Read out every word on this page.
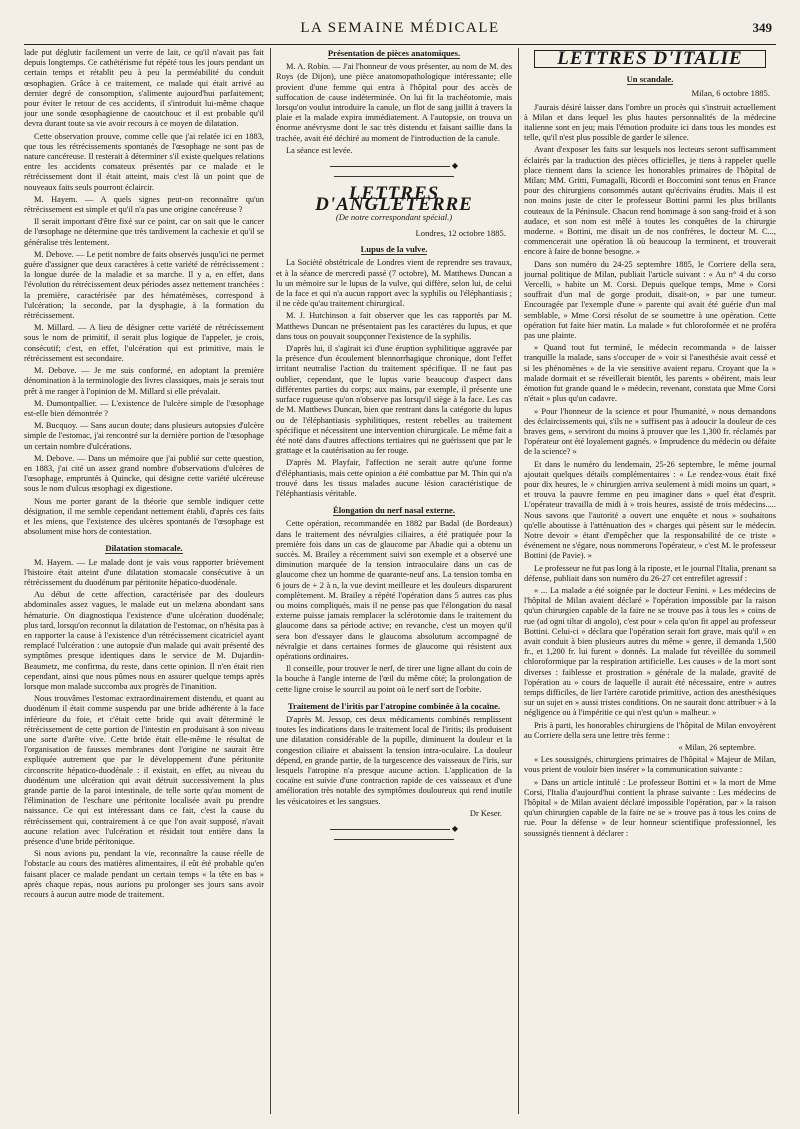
LA SEMAINE MÉDICALE	349

lade put déglutir facilement un verre de lait, ce qu'il n'avait pas fait depuis longtemps. Ce cathétérisme fut répété tous les jours pendant un certain temps et rétablit peu à peu la perméabilité du conduit œsophagien. Grâce à ce traitement, ce malade qui était arrivé au dernier degré de consomption, s'alimente aujourd'hui parfaitement; pour éviter le retour de ces accidents, il s'introduit lui-même chaque jour une sonde œsophagienne de caoutchouc et il est probable qu'il devra durant toute sa vie avoir recours à ce moyen de dilatation.

Cette observation prouve, comme celle que j'ai relatée ici en 1883, que tous les rétrécissements spontanés de l'œsophage ne sont pas de nature cancéreuse. Il resterait à déterminer s'il existe quelques relations entre les accidents comateux présentés par ce malade et le rétrécissement dont il était atteint, mais c'est là un point que de nouveaux faits seuls pourront éclaircir.

M. Hayem. — A quels signes peut-on reconnaître qu'un rétrécissement est simple et qu'il n'a pas une origine cancéreuse ?

Il serait important d'être fixé sur ce point, car on sait que le cancer de l'œsophage ne détermine que très tardivement la cachexie et qu'il se généralise très lentement.

M. Debove. — Le petit nombre de faits observés jusqu'ici ne permet guère d'assigner que deux caractères à cette variété de rétrécissement : la longue durée de la maladie et sa marche. Il y a, en effet, dans l'évolution du rétrécissement deux périodes assez nettement tranchées : la première, caractérisée par des hématémèses, correspond à l'ulcération; la seconde, par la dysphagie, à la formation du rétrécissement.

M. Millard. — A lieu de désigner cette variété de rétrécissement sous le nom de primitif, il serait plus logique de l'appeler, je crois, consécutif; c'est, en effet, l'ulcération qui est primitive, mais le rétrécissement est secondaire.

M. Debove. — Je me suis conformé, en adoptant la première dénomination à la terminologie des livres classiques, mais je serais tout prêt à me ranger à l'opinion de M. Millard si elle prévalait.

M. Dumontpallier. — L'existence de l'ulcère simple de l'œsophage est-elle bien démontrée ?

M. Bucquoy. — Sans aucun doute; dans plusieurs autopsies d'ulcère simple de l'estomac, j'ai rencontré sur la dernière portion de l'œsophage un certain nombre d'ulcérations.

M. Debove. — Dans un mémoire que j'ai publié sur cette question, en 1883, j'ai cité un assez grand nombre d'observations d'ulcères de l'œsophage, empruntés à Quincke, qui désigne cette variété ulcéreuse sous le nom d'ulcus œsophagi ex digestione.

Nous me porter garant de la théorie que semble indiquer cette désignation, il me semble cependant nettement établi, d'après ces faits et les miens, que l'existence des ulcères spontanés de l'œsophage est absolument mise hors de contestation.

Dilatation stomacale.

M. Hayem. — Le malade dont je vais vous rapporter brièvement l'histoire était atteint d'une dilatation stomacale consécutive à un rétrécissement du duodénum par péritonite hépatico-duodénale.

Au début de cette affection, caractérisée par des douleurs abdominales assez vagues, le malade eut un melæna abondant sans hématurie. On diagnostiqua l'existence d'une ulcération duodénale; plus tard, lorsqu'on reconnut la dilatation de l'estomac, on n'hésita pas à en rapporter la cause à l'existence d'un rétrécissement cicatriciel ayant remplacé l'ulcération : une autopsie d'un malade qui avait présenté des symptômes presque identiques dans le service de M. Dujardin-Beaumetz, me confirma, du reste, dans cette opinion. Il n'en était rien cependant, ainsi que nous pûmes nous en assurer quelque temps après lorsque mon malade succomba aux progrès de l'inanition.

Nous trouvâmes l'estomac extraordinairement distendu, et quant au duodénum il était comme suspendu par une bride adhérente à la face inférieure du foie, et c'était cette bride qui avait déterminé le rétrécissement de cette portion de l'intestin en produisant à son niveau une sorte d'arête vive. Cette bride était elle-même le résultat de l'organisation de fausses membranes dont l'origine ne saurait être expliquée autrement que par le développement d'une péritonite circonscrite hépatico-duodénale : il existait, en effet, au niveau du duodénum une ulcération qui avait détruit successivement la plus grande partie de la paroi intestinale, de telle sorte qu'au moment de l'élimination de l'eschare une péritonite localisée avait pu prendre naissance. Ce qui est intéressant dans ce fait, c'est la cause du rétrécissement qui, contrairement à ce que l'on avait supposé, n'avait aucune relation avec l'ulcération et résidait tout entière dans la présence d'une bride péritonique.

Si nous avions pu, pendant la vie, reconnaître la cause réelle de l'obstacle au cours des matières alimentaires, il eût été probable qu'en faisant placer ce malade pendant un certain temps « la tête en bas » après chaque repas, nous aurions pu prolonger ses jours sans avoir recours à aucun autre mode de traitement.

Présentation de pièces anatomiques.

M. A. Robin. — J'ai l'honneur de vous présenter, au nom de M. des Roys (de Dijon), une pièce anatomopathologique intéressante; elle provient d'une femme qui entra à l'hôpital pour des accès de suffocation de cause indéterminée. On lui fit la trachéotomie, mais lorsqu'on voulut introduire la canule, un flot de sang jaillit à travers la plaie et la malade expira immédiatement. A l'autopsie, on trouva un énorme anévrysme dont le sac très distendu et faisant saillie dans la trachée, avait été déchiré au moment de l'introduction de la canule.

La séance est levée.

◆
LETTRES D'ANGLETERRE
(De notre correspondant spécial.)
Londres, 12 octobre 1885.
Lupus de la vulve.

La Société obstétricale de Londres vient de reprendre ses travaux, et à la séance de mercredi passé (7 octobre), M. Matthews Duncan a lu un mémoire sur le lupus de la vulve, qui diffère, selon lui, de celui de la face et qui n'a aucun rapport avec la syphilis ou l'éléphantiasis ; il ne cède qu'au traitement chirurgical.

M. J. Hutchinson a fait observer que les cas rapportés par M. Matthews Duncan ne présentaient pas les caractères du lupus, et que dans tous on pouvait soupçonner l'existence de la syphilis.

D'après lui, il s'agirait ici d'une éruption syphilitique aggravée par la présence d'un écoulement blennorrhagique chronique, dont l'effet irritant neutralise l'action du traitement spécifique. Il ne faut pas oublier, cependant, que le lupus varie beaucoup d'aspect dans différentes parties du corps; aux mains, par exemple, il présente une surface rugueuse qu'on n'observe pas lorsqu'il siège à la face. Les cas de M. Matthews Duncan, bien que rentrant dans la catégorie du lupus ou de l'éléphantiasis syphilitiques, restent rebelles au traitement spécifique et nécessitent une intervention chirurgicale. Le même fait a été noté dans d'autres affections tertiaires qui ne guérissent que par le grattage et la cautérisation au fer rouge.

D'après M. Playfair, l'affection ne serait autre qu'une forme d'éléphantiasis, mais cette opinion a été combattue par M. Thin qui n'a trouvé dans les tissus malades aucune lésion caractéristique de l'éléphantiasis véritable.

Élongation du nerf nasal externe.

Cette opération, recommandée en 1882 par Badal (de Bordeaux) dans le traitement des névralgies ciliaires, a été pratiquée pour la première fois dans un cas de glaucome par Abadie qui a obtenu un succès. M. Brailey a récemment suivi son exemple et a observé une diminution marquée de la tension intraoculaire dans un cas de glaucome chez un homme de quarante-neuf ans. La tension tomba en 6 jours de + 2 à n, la vue devint meilleure et les douleurs disparurent complètement. M. Brailey a répété l'opération dans 5 autres cas plus ou moins compliqués, mais il ne pense pas que l'élongation du nasal externe puisse jamais remplacer la sclérotomie dans le traitement du glaucome dans sa période active; en revanche, c'est un moyen qu'il sera bon d'essayer dans le glaucoma absolutum accompagné de névralgie et dans certaines formes de glaucome qui résistent aux opérations ordinaires.

Il conseille, pour trouver le nerf, de tirer une ligne allant du coin de la bouche à l'angle interne de l'œil du même côté; la prolongation de cette ligne croise le sourcil au point où le nerf sort de l'orbite.

Traitement de l'iritis par l'atropine combinée à la cocaïne.

D'après M. Jessop, ces deux médicaments combinés remplissent toutes les indications dans le traitement local de l'iritis; ils produisent une dilatation considérable de la pupille, diminuent la douleur et la congestion ciliaire et abaissent la tension intra-oculaire. La douleur dépend, en grande partie, de la turgescence des vaisseaux de l'iris, sur lesquels l'atropine n'a presque aucune action. L'application de la cocaïne est suivie d'une contraction rapide de ces vaisseaux et d'une amélioration très notable des symptômes douloureux qui rend inutile les vésicatoires et les sangsues.

Dr Keser.
◆
LETTRES D'ITALIE
Un scandale.
Milan, 6 octobre 1885.

J'aurais désiré laisser dans l'ombre un procès qui s'instruit actuellement à Milan et dans lequel les plus hautes personnalités de la médecine italienne sont en jeu; mais l'émotion produite ici dans tous les mondes est telle, qu'il n'est plus possible de garder le silence.

Avant d'exposer les faits sur lesquels nos lecteurs seront suffisamment éclairés par la traduction des pièces officielles, je tiens à rappeler quelle place tiennent dans la science les honorables primaires de l'hôpital de Milan; MM. Gritti, Fumagalli, Ricordi et Boccomini sont tenus en France pour des chirurgiens consommés autant qu'écrivains érudits. Mais il est non moins juste de citer le professeur Bottini parmi les plus brillants couteaux de la Péninsule. Chacun rend hommage à son sang-froid et à son audace, et son nom est mêlé à toutes les conquêtes de la chirurgie moderne. « Bottini, me disait un de nos confrères, le docteur M. C..., commencerait une opération là où beaucoup la terminent, et trouverait encore à faire de bonne besogne. »

Dans son numéro du 24-25 septembre 1885, le Corriere della sera, journal politique de Milan, publiait l'article suivant : « Au n° 4 du corso Vercelli, » habite un M. Corsi. Depuis quelque temps, Mme » Corsi souffrait d'un mal de gorge produit, disait-on, » par une tumeur. Encouragée par l'exemple d'une » parente qui avait été guérie d'un mal semblable, » Mme Corsi résolut de se soumettre à une opération. Cette opération fut faite hier matin. La malade » fut chloroformée et ne proféra pas une plainte.

» Quand tout fut terminé, le médecin recommanda » de laisser tranquille la malade, sans s'occuper de » voir si l'anesthésie avait cessé et si les phénomènes » de la vie sensitive avaient reparu. Croyant que la » malade dormait et se réveillerait bientôt, les parents » obéirent, mais leur émotion fut grande quand le » médecin, revenant, constata que Mme Corsi n'était » plus qu'un cadavre.

» Pour l'honneur de la science et pour l'humanité, » nous demandons des éclaircissements qui, s'ils ne » suffisent pas à adoucir la douleur de ces braves gens, » serviront du moins à prouver que les 1,300 fr. réclamés par l'opérateur ont été loyalement gagnés. » Imprudence du médecin ou défaite de la science? »

Et dans le numéro du lendemain, 25-26 septembre, le même journal ajoutait quelques détails complémentaires : « Le rendez-vous était fixé pour dix heures, le » chirurgien arriva seulement à midi moins un quart, » et trouva la pauvre femme en peu imaginer dans » quel état d'esprit. L'opérateur travailla de midi à » trois heures, assisté de trois médecins..... Nous savons que l'autorité a ouvert une enquête et nous » souhaitons qu'elle aboutisse à l'atténuation des » charges qui pèsent sur le médecin. Notre devoir » étant d'empêcher que la responsabilité de ce triste » événement ne s'égare, nous nommerons l'opérateur, » c'est M. le professeur Bottini (de Pavie). »

Le professeur ne fut pas long à la riposte, et le journal l'Italia, prenant sa défense, publiait dans son numéro du 26-27 cet entrefilet agressif :

« ... La malade a été soignée par le docteur Fenini. » Les médecins de l'hôpital de Milan avaient déclaré » l'opération impossible par la raison qu'un chirurgien capable de la faire ne se trouve pas à tous les » coins de rue (ad ogni tiltar di angolo), c'est pour » cela qu'on fit appel au professeur Bottini. Celui-ci » déclara que l'opération serait fort grave, mais qu'il » en avait conduit à bien plusieurs autres du même » genre, il demanda 1,500 fr., et 1,200 fr. lui furent » donnés. La malade fut réveillée du sommeil chloroformique par la respiration artificielle. Les causes » de la mort sont diverses : faiblesse et prostration » générale de la malade, gravité de l'opération au » cours de laquelle il aurait été nécessaire, entre » autres temps difficiles, de lier l'artère carotide primitive, action des anesthésiques sur un sujet en » aussi tristes conditions. On ne saurait donc attribuer » à la négligence ou à l'impéritie ce qui n'est qu'un » malheur. »

Pris à parti, les honorables chirurgiens de l'hôpital de Milan envoyèrent au Corriere della sera une lettre très ferme :

« Milan, 26 septembre.

« Les soussignés, chirurgiens primaires de l'hôpital » Majeur de Milan, vous prient de vouloir bien insérer » la communication suivante :

» Dans un article intitulé : Le professeur Bottini et » la mort de Mme Corsi, l'Italia d'aujourd'hui contient la phrase suivante : Les médecins de l'hôpital » de Milan avaient déclaré impossible l'opération, par » la raison qu'un chirurgien capable de la faire ne se » trouve pas à tous les coins de rue. Pour la défense » de leur honneur scientifique professionnel, les soussignés tiennent à déclarer :
